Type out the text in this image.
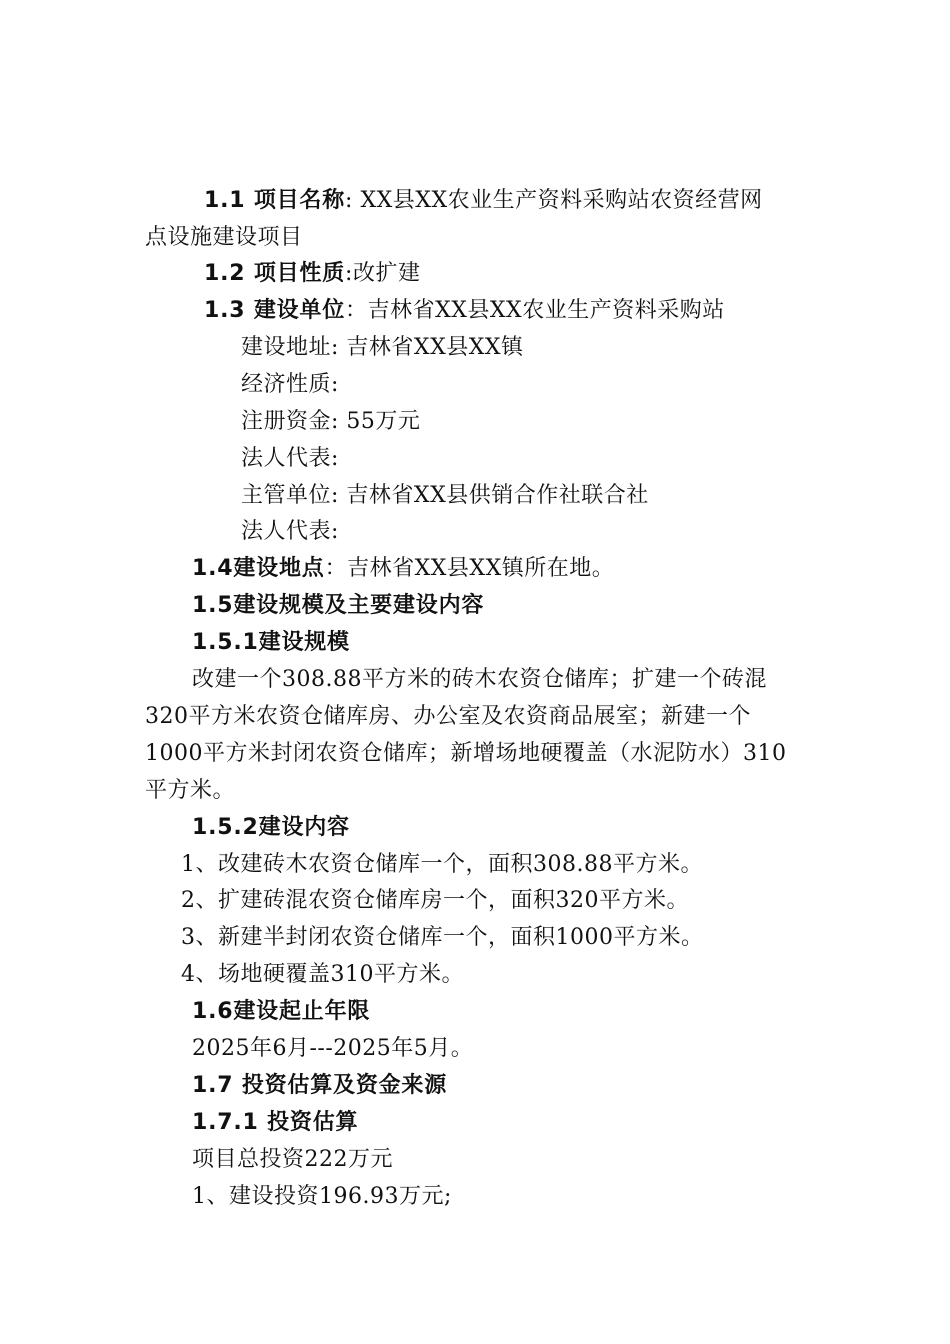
1.1 项目名称: XX县XX农业生产资料采购站农资经营网

点设施建设项目

1.2 项目性质:改扩建

1.3 建设单位：吉林省XX县XX农业生产资料采购站

建设地址: 吉林省XX县XX镇

经济性质:

注册资金: 55万元

法人代表:

主管单位: 吉林省XX县供销合作社联合社

法人代表:

1.4建设地点：吉林省XX县XX镇所在地。

1.5建设规模及主要建设内容

1.5.1建设规模

改建一个308.88平方米的砖木农资仓储库；扩建一个砖混

320平方米农资仓储库房、办公室及农资商品展室；新建一个

1000平方米封闭农资仓储库；新增场地硬覆盖（水泥防水）310

平方米。

1.5.2建设内容

1、改建砖木农资仓储库一个，面积308.88平方米。

2、扩建砖混农资仓储库房一个，面积320平方米。

3、新建半封闭农资仓储库一个，面积1000平方米。

4、场地硬覆盖310平方米。

1.6建设起止年限

2025年6月---2025年5月。

1.7 投资估算及资金来源

1.7.1 投资估算

项目总投资222万元

1、建设投资196.93万元;
